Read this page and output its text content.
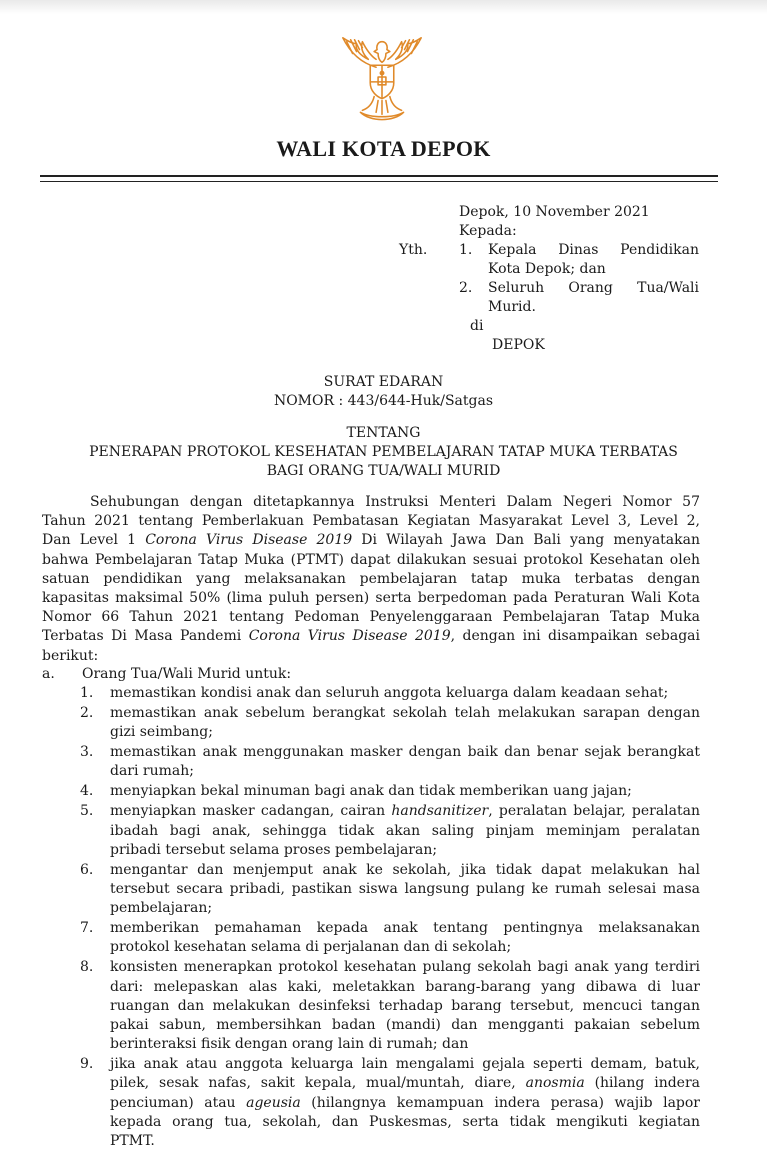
WALI KOTA DEPOK
Depok, 10 November 2021
Kepada:
Yth. 1. Kepala Dinas Pendidikan
Kota Depok; dan
2. Seluruh Orang Tua/Wali
Murid.
di
DEPOK
SURAT EDARAN
NOMOR : 443/644-Huk/Satgas
TENTANG
PENERAPAN PROTOKOL KESEHATAN PEMBELAJARAN TATAP MUKA TERBATAS
BAGI ORANG TUA/WALI MURID
Sehubungan dengan ditetapkannya Instruksi Menteri Dalam Negeri Nomor 57
Tahun 2021 tentang Pemberlakuan Pembatasan Kegiatan Masyarakat Level 3, Level 2,
Dan Level 1 Corona Virus Disease 2019 Di Wilayah Jawa Dan Bali yang menyatakan
bahwa Pembelajaran Tatap Muka (PTMT) dapat dilakukan sesuai protokol Kesehatan oleh
satuan pendidikan yang melaksanakan pembelajaran tatap muka terbatas dengan
kapasitas maksimal 50% (lima puluh persen) serta berpedoman pada Peraturan Wali Kota
Nomor 66 Tahun 2021 tentang Pedoman Penyelenggaraan Pembelajaran Tatap Muka
Terbatas Di Masa Pandemi Corona Virus Disease 2019, dengan ini disampaikan sebagai
berikut:
a. Orang Tua/Wali Murid untuk:
1.	memastikan kondisi anak dan seluruh anggota keluarga dalam keadaan sehat;
2.	memastikan anak sebelum berangkat sekolah telah melakukan sarapan dengan
gizi seimbang;
3.	memastikan anak menggunakan masker dengan baik dan benar sejak berangkat
dari rumah;
4.	menyiapkan bekal minuman bagi anak dan tidak memberikan uang jajan;
5.	menyiapkan masker cadangan, cairan handsanitizer, peralatan belajar, peralatan
ibadah bagi anak, sehingga tidak akan saling pinjam meminjam peralatan
pribadi tersebut selama proses pembelajaran;
6.	mengantar dan menjemput anak ke sekolah, jika tidak dapat melakukan hal
tersebut secara pribadi, pastikan siswa langsung pulang ke rumah selesai masa
pembelajaran;
7.	memberikan pemahaman kepada anak tentang pentingnya melaksanakan
protokol kesehatan selama di perjalanan dan di sekolah;
8.	konsisten menerapkan protokol kesehatan pulang sekolah bagi anak yang terdiri
dari: melepaskan alas kaki, meletakkan barang-barang yang dibawa di luar
ruangan dan melakukan desinfeksi terhadap barang tersebut, mencuci tangan
pakai sabun, membersihkan badan (mandi) dan mengganti pakaian sebelum
berinteraksi fisik dengan orang lain di rumah; dan
9.	jika anak atau anggota keluarga lain mengalami gejala seperti demam, batuk,
pilek, sesak nafas, sakit kepala, mual/muntah, diare, anosmia (hilang indera
penciuman) atau ageusia (hilangnya kemampuan indera perasa) wajib lapor
kepada orang tua, sekolah, dan Puskesmas, serta tidak mengikuti kegiatan
PTMT.
